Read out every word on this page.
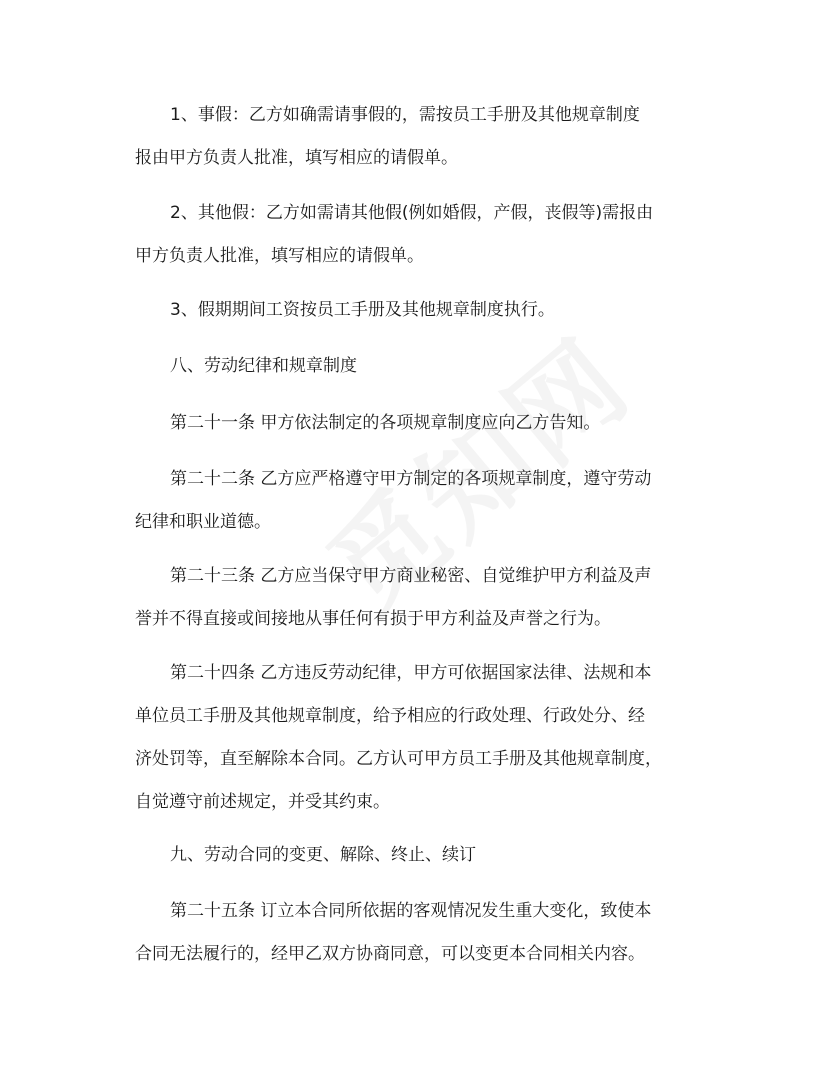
1、事假：乙方如确需请事假的，需按员工手册及其他规章制度
报由甲方负责人批准，填写相应的请假单。
2、其他假：乙方如需请其他假(例如婚假，产假，丧假等)需报由
甲方负责人批准，填写相应的请假单。
3、假期期间工资按员工手册及其他规章制度执行。
八、劳动纪律和规章制度
第二十一条 甲方依法制定的各项规章制度应向乙方告知。
第二十二条 乙方应严格遵守甲方制定的各项规章制度，遵守劳动
纪律和职业道德。
第二十三条 乙方应当保守甲方商业秘密、自觉维护甲方利益及声
誉并不得直接或间接地从事任何有损于甲方利益及声誉之行为。
第二十四条 乙方违反劳动纪律，甲方可依据国家法律、法规和本
单位员工手册及其他规章制度，给予相应的行政处理、行政处分、经
济处罚等，直至解除本合同。乙方认可甲方员工手册及其他规章制度，
自觉遵守前述规定，并受其约束。
九、劳动合同的变更、解除、终止、续订
第二十五条 订立本合同所依据的客观情况发生重大变化，致使本
合同无法履行的，经甲乙双方协商同意，可以变更本合同相关内容。
